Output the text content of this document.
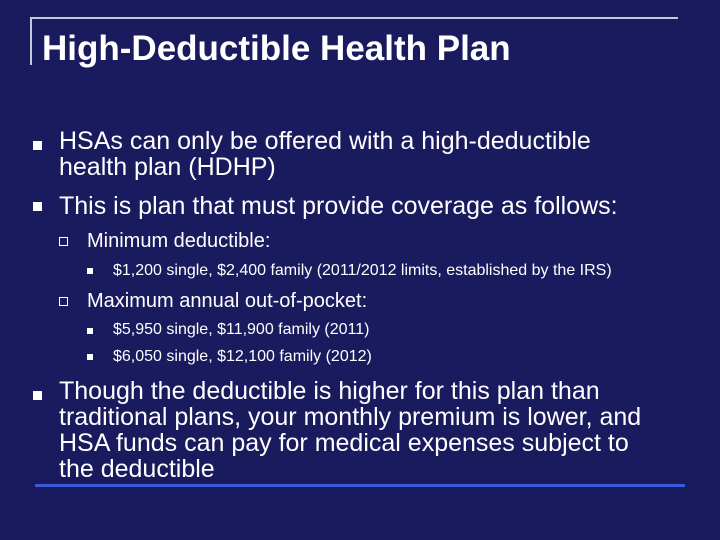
High-Deductible Health Plan
HSAs can only be offered with a high-deductible
health plan (HDHP)
This is plan that must provide coverage as follows:
Minimum deductible:
$1,200 single, $2,400 family (2011/2012 limits, established by the IRS)
Maximum annual out-of-pocket:
$5,950 single, $11,900 family (2011)
$6,050 single, $12,100 family (2012)
Though the deductible is higher for this plan than
traditional plans, your monthly premium is lower, and
HSA funds can pay for medical expenses subject to
the deductible
